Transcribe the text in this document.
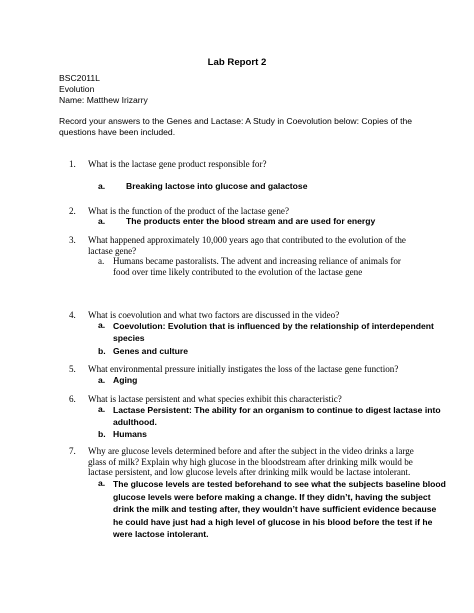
Lab Report 2
BSC2011L
Evolution
Name: Matthew Irizarry
Record your answers to the Genes and Lactase: A Study in Coevolution below: Copies of the
questions have been included.
1. What is the lactase gene product responsible for?
a. Breaking lactose into glucose and galactose
2. What is the function of the product of the lactase gene?
a. The products enter the blood stream and are used for energy
3. What happened approximately 10,000 years ago that contributed to the evolution of the
lactase gene?
a. Humans became pastoralists. The advent and increasing reliance of animals for
food over time likely contributed to the evolution of the lactase gene
4. What is coevolution and what two factors are discussed in the video?
a. Coevolution: Evolution that is influenced by the relationship of interdependent
species
b. Genes and culture
5. What environmental pressure initially instigates the loss of the lactase gene function?
a. Aging
6. What is lactase persistent and what species exhibit this characteristic?
a. Lactase Persistent: The ability for an organism to continue to digest lactase into
adulthood.
b. Humans
7. Why are glucose levels determined before and after the subject in the video drinks a large
glass of milk? Explain why high glucose in the bloodstream after drinking milk would be
lactase persistent, and low glucose levels after drinking milk would be lactase intolerant.
a. The glucose levels are tested beforehand to see what the subjects baseline blood
glucose levels were before making a change. If they didn’t, having the subject
drink the milk and testing after, they wouldn’t have sufficient evidence because
he could have just had a high level of glucose in his blood before the test if he
were lactose intolerant.
